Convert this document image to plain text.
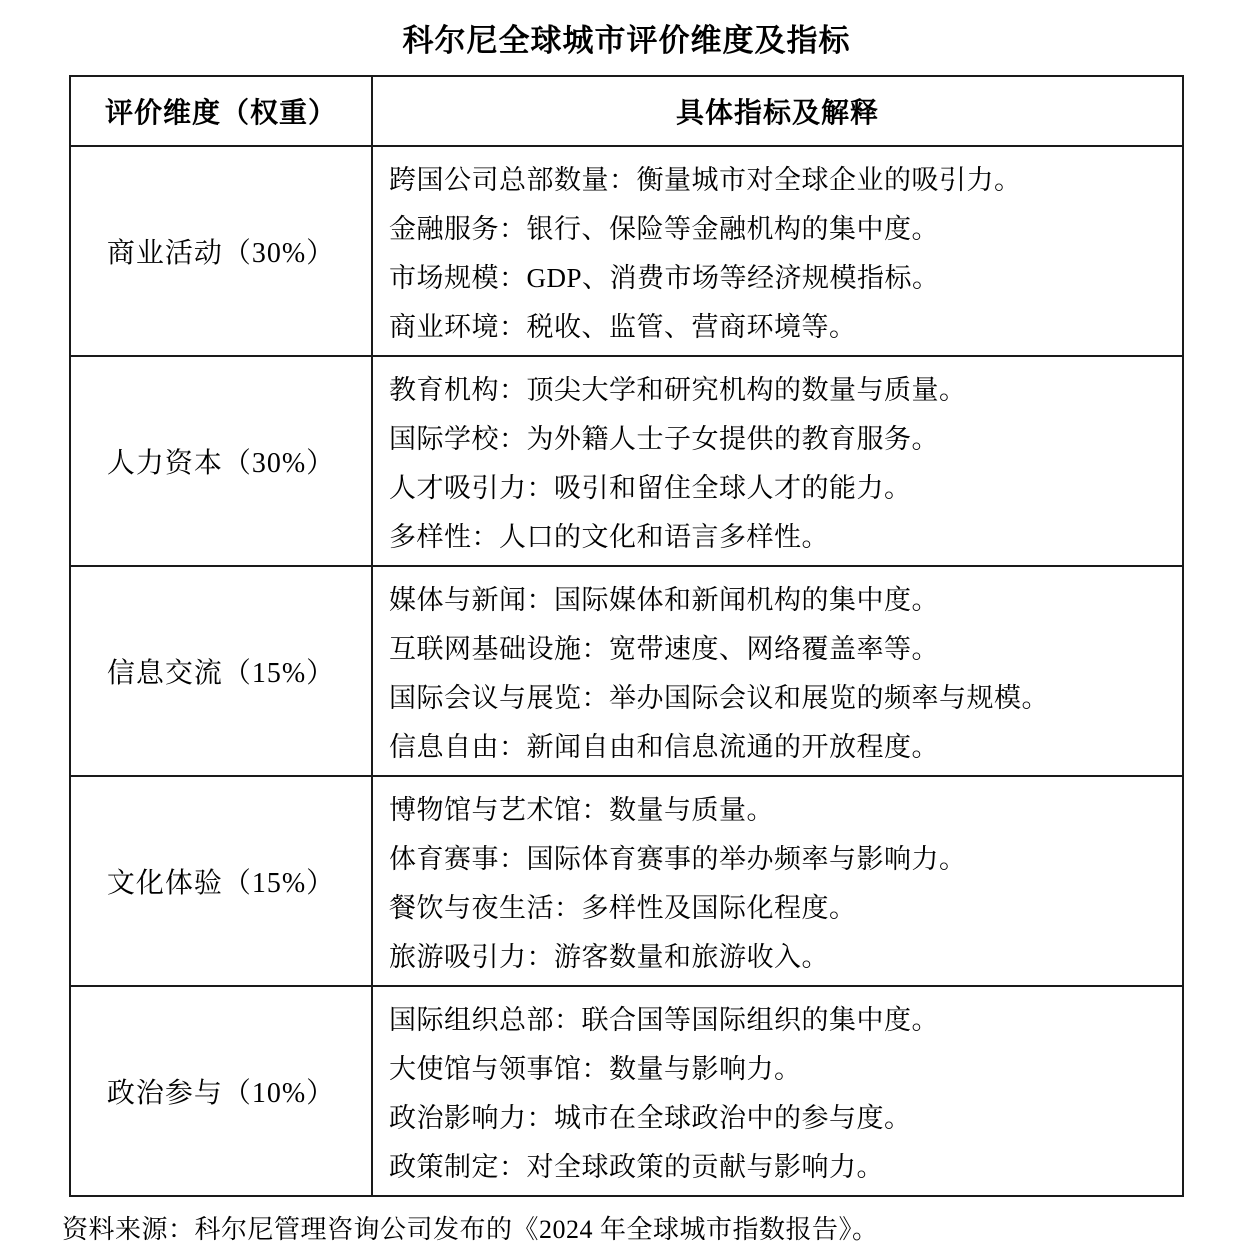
科尔尼全球城市评价维度及指标
评价维度（权重）	具体指标及解释
商业活动（30%）	跨国公司总部数量：衡量城市对全球企业的吸引力。
金融服务：银行、保险等金融机构的集中度。
市场规模：GDP、消费市场等经济规模指标。
商业环境：税收、监管、营商环境等。

人力资本（30%）	教育机构：顶尖大学和研究机构的数量与质量。
国际学校：为外籍人士子女提供的教育服务。
人才吸引力：吸引和留住全球人才的能力。
多样性：人口的文化和语言多样性。

信息交流（15%）	媒体与新闻：国际媒体和新闻机构的集中度。
互联网基础设施：宽带速度、网络覆盖率等。
国际会议与展览：举办国际会议和展览的频率与规模。
信息自由：新闻自由和信息流通的开放程度。

文化体验（15%）	博物馆与艺术馆：数量与质量。
体育赛事：国际体育赛事的举办频率与影响力。
餐饮与夜生活：多样性及国际化程度。
旅游吸引力：游客数量和旅游收入。

政治参与（10%）	国际组织总部：联合国等国际组织的集中度。
大使馆与领事馆：数量与影响力。
政治影响力：城市在全球政治中的参与度。
政策制定：对全球政策的贡献与影响力。
资料来源：科尔尼管理咨询公司发布的《2024 年全球城市指数报告》。
